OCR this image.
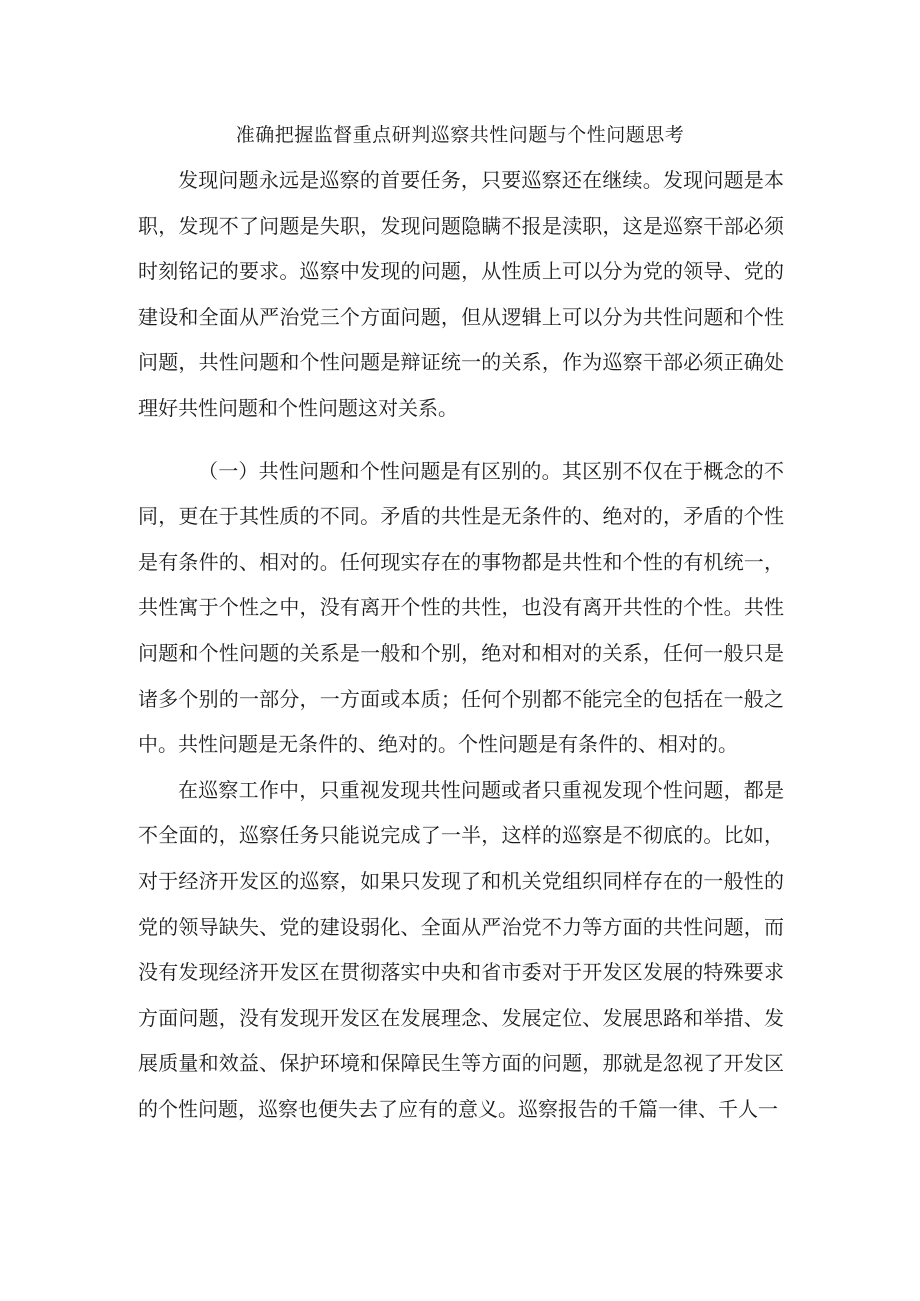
准确把握监督重点研判巡察共性问题与个性问题思考

发现问题永远是巡察的首要任务，只要巡察还在继续。发现问题是本职，发现不了问题是失职，发现问题隐瞒不报是渎职，这是巡察干部必须时刻铭记的要求。巡察中发现的问题，从性质上可以分为党的领导、党的建设和全面从严治党三个方面问题，但从逻辑上可以分为共性问题和个性问题，共性问题和个性问题是辩证统一的关系，作为巡察干部必须正确处理好共性问题和个性问题这对关系。

（一）共性问题和个性问题是有区别的。其区别不仅在于概念的不同，更在于其性质的不同。矛盾的共性是无条件的、绝对的，矛盾的个性是有条件的、相对的。任何现实存在的事物都是共性和个性的有机统一，共性寓于个性之中，没有离开个性的共性，也没有离开共性的个性。共性问题和个性问题的关系是一般和个别，绝对和相对的关系，任何一般只是诸多个别的一部分，一方面或本质；任何个别都不能完全的包括在一般之中。共性问题是无条件的、绝对的。个性问题是有条件的、相对的。

在巡察工作中，只重视发现共性问题或者只重视发现个性问题，都是不全面的，巡察任务只能说完成了一半，这样的巡察是不彻底的。比如，对于经济开发区的巡察，如果只发现了和机关党组织同样存在的一般性的党的领导缺失、党的建设弱化、全面从严治党不力等方面的共性问题，而没有发现经济开发区在贯彻落实中央和省市委对于开发区发展的特殊要求方面问题，没有发现开发区在发展理念、发展定位、发展思路和举措、发展质量和效益、保护环境和保障民生等方面的问题，那就是忽视了开发区的个性问题，巡察也便失去了应有的意义。巡察报告的千篇一律、千人一
